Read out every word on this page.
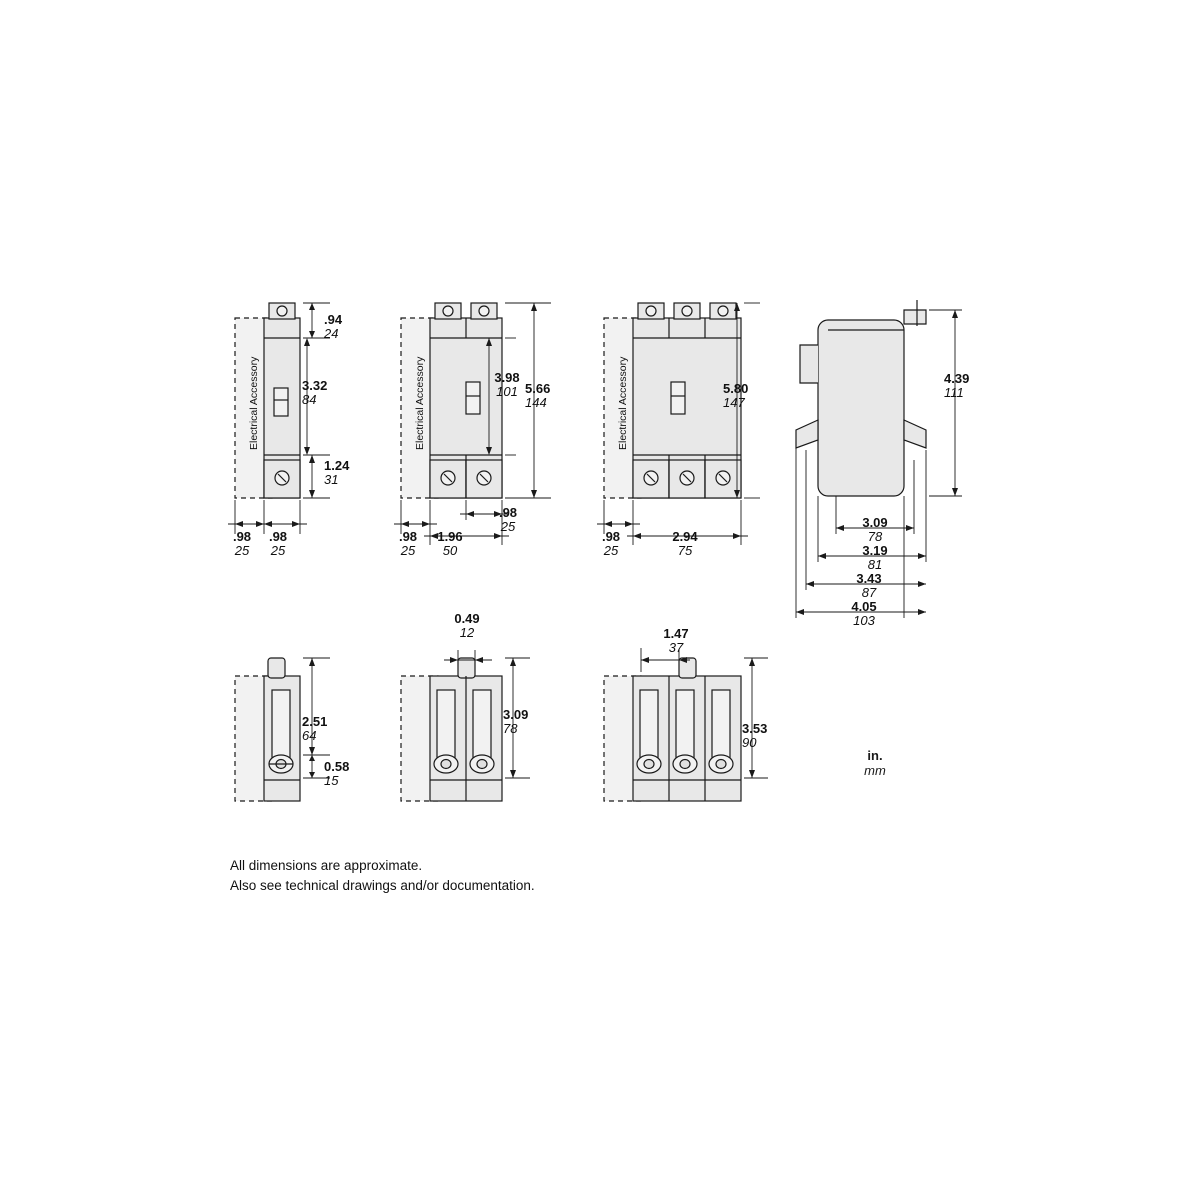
Electrical Accessory	Electrical Accessory	Electrical Accessory
.94
24
3.32
84
1.24
31
.98
25
.98
25
3.98
101 5.66
144
.98
25
.98
25
1.96
50
5.80
147
.98
25
2.94
75
4.39
111
3.09
78
3.19
81
3.43
87
4.05
103
2.51
64
0.58
15
0.49
12
3.09
78
1.47
37
3.53
90
in.
mm
All dimensions are approximate.
Also see technical drawings and/or documentation.
